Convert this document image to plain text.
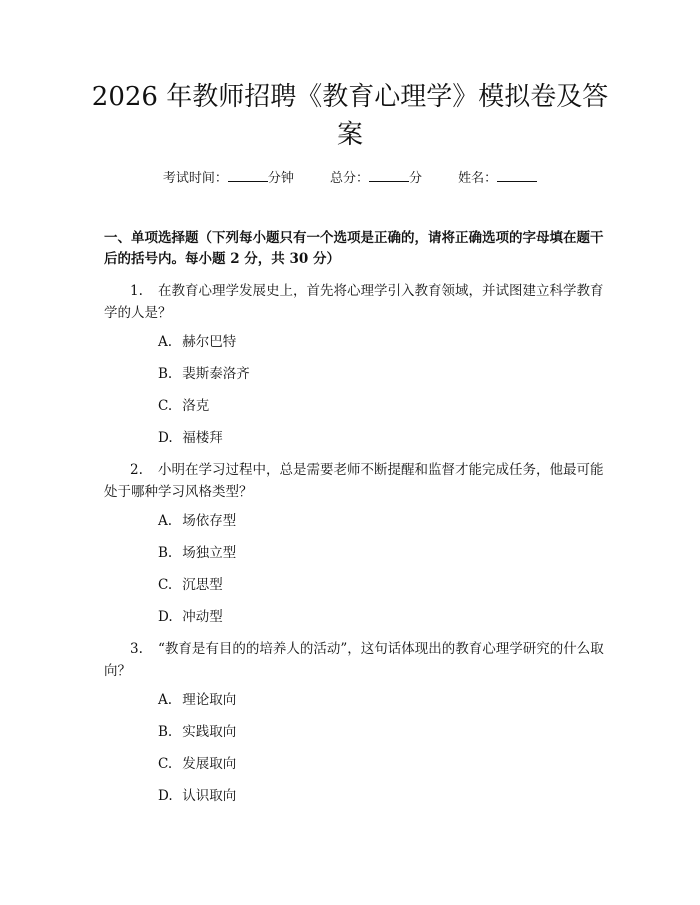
2026 年教师招聘《教育心理学》模拟卷及答案
考试时间：	分钟	总分：	分	姓名：
一、单项选择题（下列每小题只有一个选项是正确的，请将正确选项的字母填在题干后的括号内。每小题 2 分，共 30 分）
1. 在教育心理学发展史上，首先将心理学引入教育领域，并试图建立科学教育学的人是？
A. 赫尔巴特
B. 裴斯泰洛齐
C. 洛克
D. 福楼拜
2. 小明在学习过程中，总是需要老师不断提醒和监督才能完成任务，他最可能处于哪种学习风格类型？
A. 场依存型
B. 场独立型
C. 沉思型
D. 冲动型
3. “教育是有目的的培养人的活动”，这句话体现出的教育心理学研究的什么取向？
A. 理论取向
B. 实践取向
C. 发展取向
D. 认识取向
